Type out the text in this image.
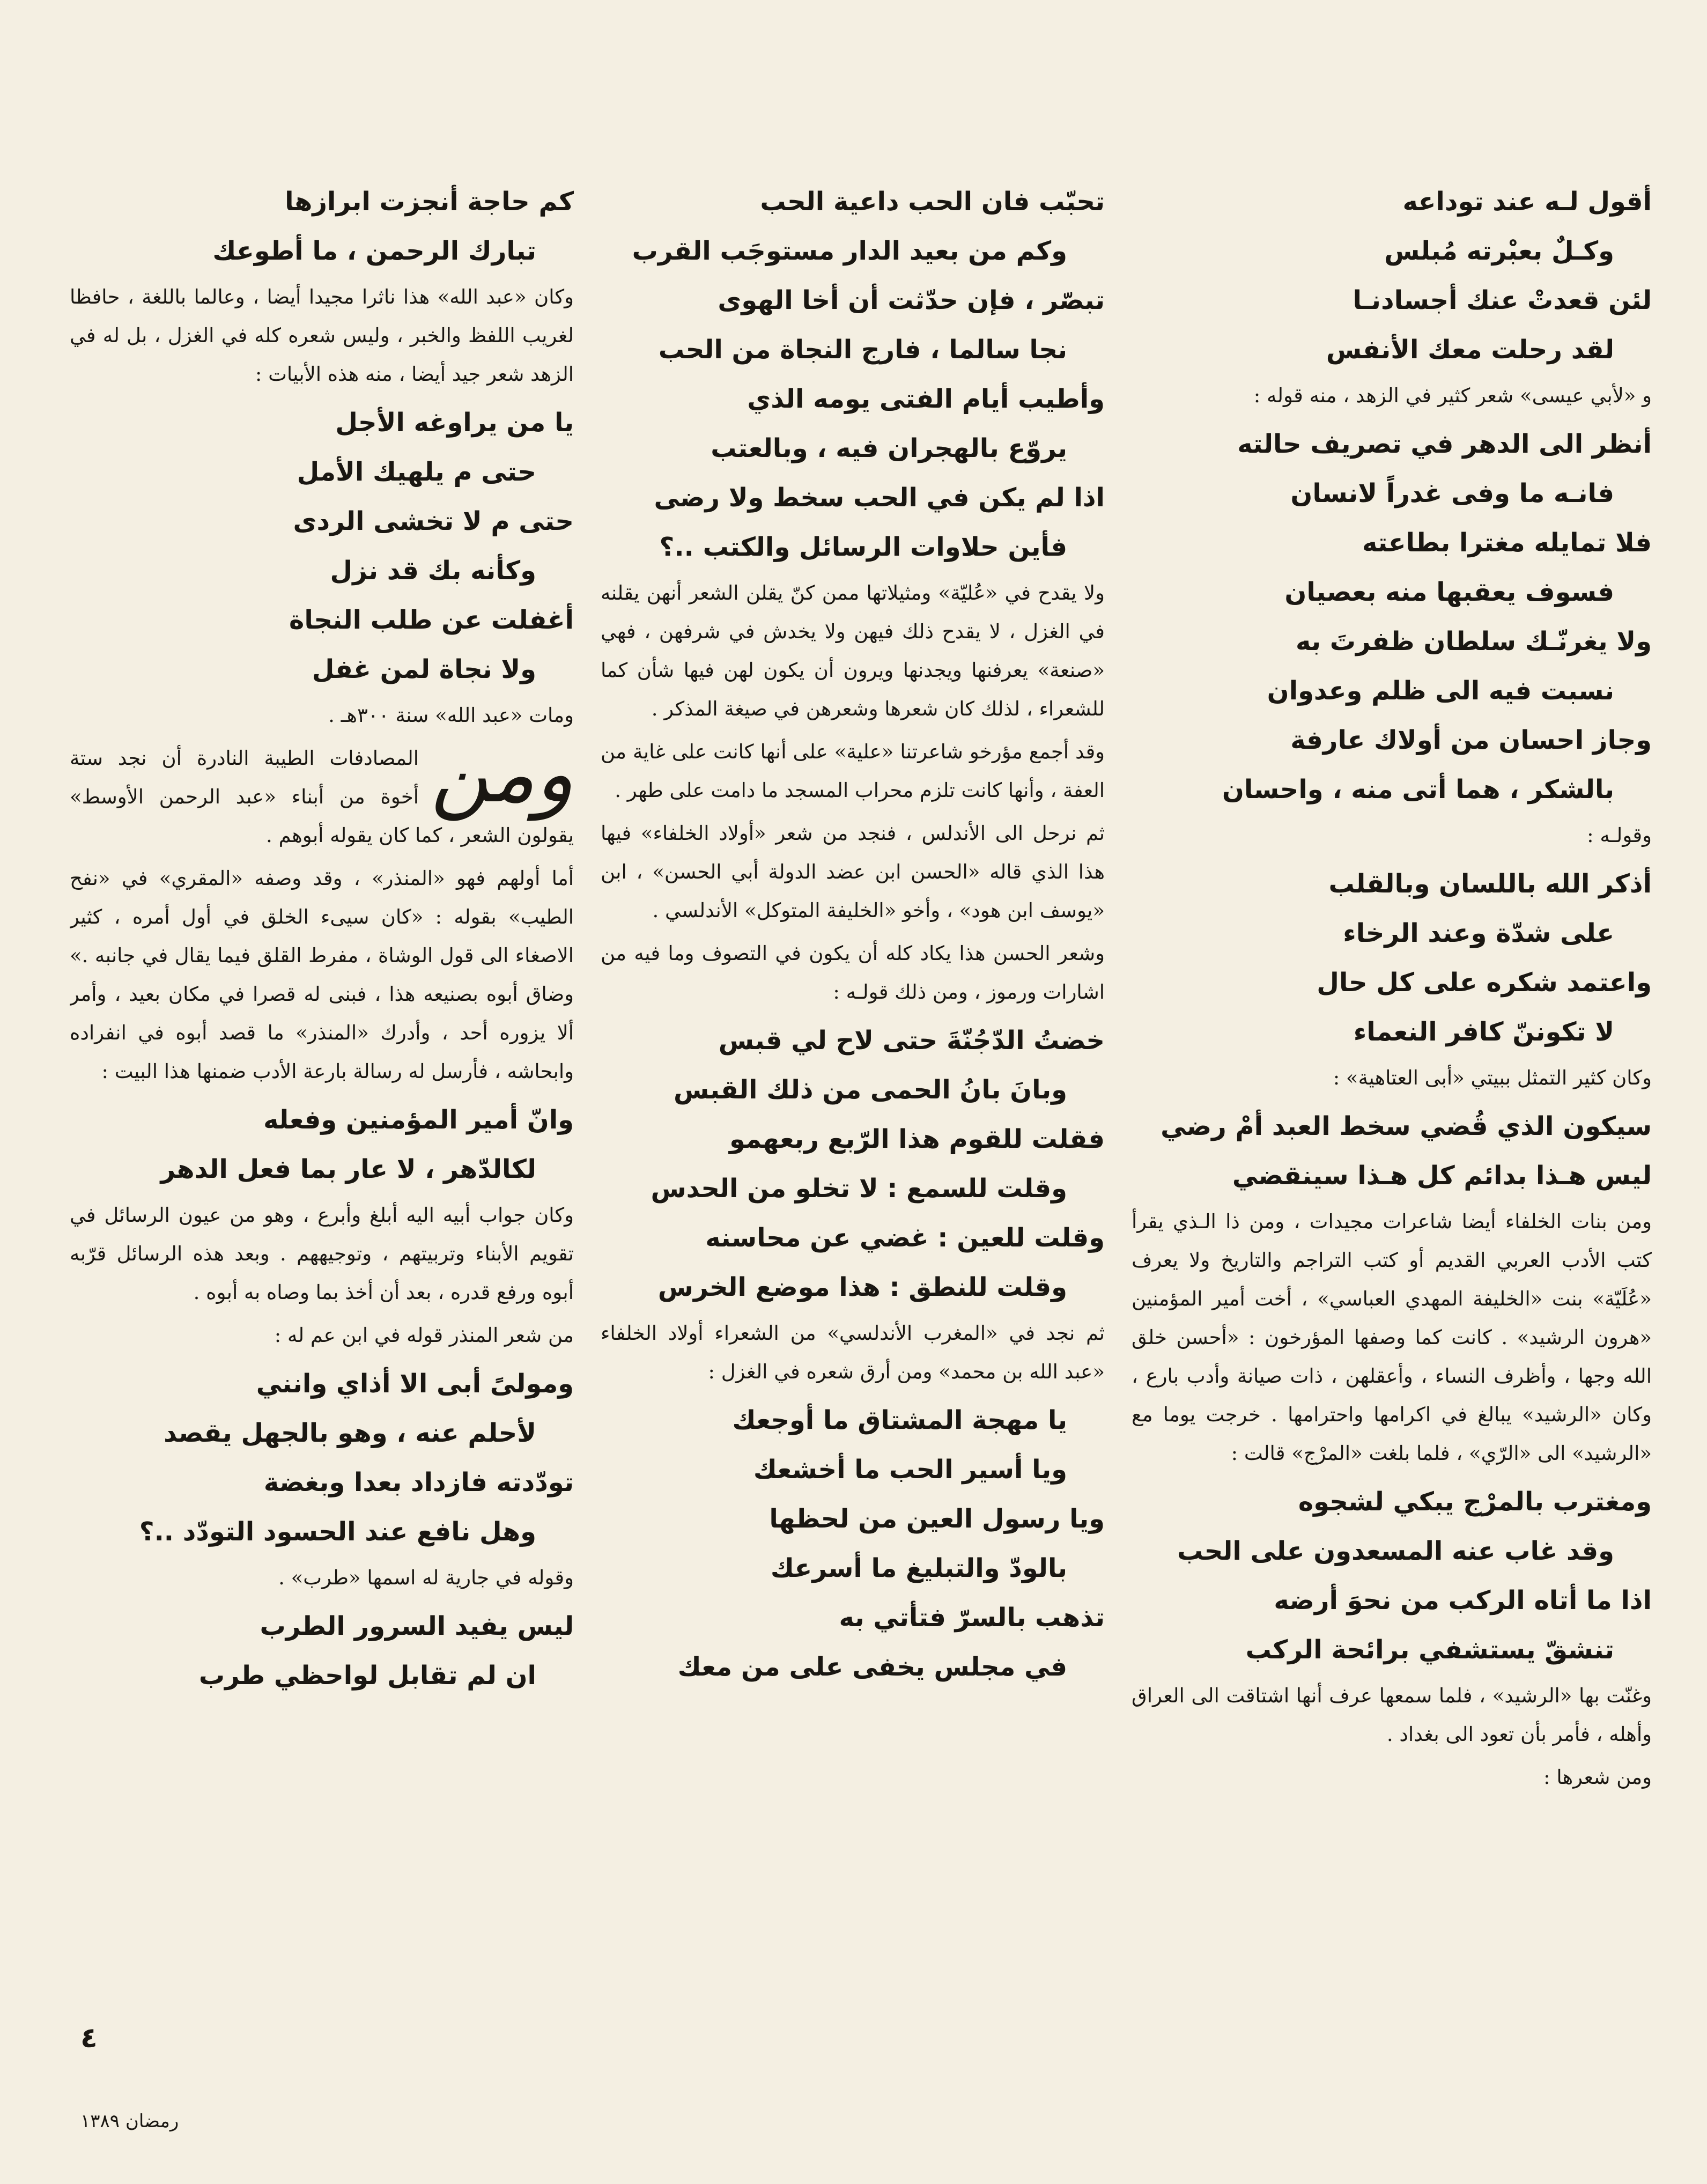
أقول لـه عند توداعه
وكـلٌ بعبْرته مُبلس
لئن قعدتْ عنك أجسادنـا
لقد رحلت معك الأنفس

و «لأبي عيسى» شعر كثير في الزهد ، منه قوله :

أنظر الى الدهر في تصريف حالته
فانـه ما وفى غدراً لانسان
فلا تمايله مغترا بطاعته
فسوف يعقبها منه بعصيان
ولا يغرنّـك سلطان ظفرتَ به
نسبت فيه الى ظلم وعدوان
وجاز احسان من أولاك عارفة
بالشكر ، هما أتى منه ، واحسان

وقولـه :

أذكر الله باللسان وبالقلب
على شدّة وعند الرخاء
واعتمد شكره على كل حال
لا تكوننّ كافر النعماء

وكان كثير التمثل ببيتي «أبى العتاهية» :

سيكون الذي قُضي سخط العبد أمْ رضي
ليس هـذا بدائم كل هـذا سينقضي

ومن بنات الخلفاء أيضا شاعرات مجيدات ، ومن ذا الـذي يقرأ كتب الأدب العربي القديم أو كتب التراجم والتاريخ ولا يعرف «عُلَيّة» بنت «الخليفة المهدي العباسي» ، أخت أمير المؤمنين «هرون الرشيد» . كانت كما وصفها المؤرخون : «أحسن خلق الله وجها ، وأظرف النساء ، وأعقلهن ، ذات صيانة وأدب بارع ، وكان «الرشيد» يبالغ في اكرامها واحترامها . خرجت يوما مع «الرشيد» الى «الرّي» ، فلما بلغت «المرْج» قالت :

ومغترب بالمرْج يبكي لشجوه
وقد غاب عنه المسعدون على الحب
اذا ما أتاه الركب من نحوَ أرضه
تنشقّ يستشفي برائحة الركب

وغنّت بها «الرشيد» ، فلما سمعها عرف أنها اشتاقت الى العراق وأهله ، فأمر بأن تعود الى بغداد .

ومن شعرها :

تحبّب فان الحب داعية الحب
وكم من بعيد الدار مستوجَب القرب
تبصّر ، فإن حدّثت أن أخا الهوى
نجا سالما ، فارج النجاة من الحب
وأطيب أيام الفتى يومه الذي
يروّع بالهجران فيه ، وبالعتب
اذا لم يكن في الحب سخط ولا رضى
فأين حلاوات الرسائل والكتب ..؟

ولا يقدح في «عُليّة» ومثيلاتها ممن كنّ يقلن الشعر أنهن يقلنه في الغزل ، لا يقدح ذلك فيهن ولا يخدش في شرفهن ، فهي «صنعة» يعرفنها ويجدنها ويرون أن يكون لهن فيها شأن كما للشعراء ، لذلك كان شعرها وشعرهن في صيغة المذكر .

وقد أجمع مؤرخو شاعرتنا «علية» على أنها كانت على غاية من العفة ، وأنها كانت تلزم محراب المسجد ما دامت على طهر .

ثم نرحل الى الأندلس ، فنجد من شعر «أولاد الخلفاء» فيها هذا الذي قاله «الحسن ابن عضد الدولة أبي الحسن» ، ابن «يوسف ابن هود» ، وأخو «الخليفة المتوكل» الأندلسي .

وشعر الحسن هذا يكاد كله أن يكون في التصوف وما فيه من اشارات ورموز ، ومن ذلك قولـه :

خضتُ الدّجُنّةَ حتى لاح لي قبس
وبانَ بانُ الحمى من ذلك القبس
فقلت للقوم هذا الرّبع ربعهمو
وقلت للسمع : لا تخلو من الحدس
وقلت للعين : غضي عن محاسنه
وقلت للنطق : هذا موضع الخرس

ثم نجد في «المغرب الأندلسي» من الشعراء أولاد الخلفاء «عبد الله بن محمد» ومن أرق شعره في الغزل :

يا مهجة المشتاق ما أوجعك
ويا أسير الحب ما أخشعك
ويا رسول العين من لحظها
بالودّ والتبليغ ما أسرعك
تذهب بالسرّ فتأتي به
في مجلس يخفى على من معك
كم حاجة أنجزت ابرازها
تبارك الرحمن ، ما أطوعك

وكان «عبد الله» هذا ناثرا مجيدا أيضا ، وعالما باللغة ، حافظا لغريب اللفظ والخبر ، وليس شعره كله في الغزل ، بل له في الزهد شعر جيد أيضا ، منه هذه الأبيات :

يا من يراوغه الأجل
حتى م يلهيك الأمل
حتى م لا تخشى الردى
وكأنه بك قد نزل
أغفلت عن طلب النجاة
ولا نجاة لمن غفل

ومات «عبد الله» سنة ٣٠٠هـ .

ومن
المصادفات الطيبة النادرة أن نجد ستة أخوة من أبناء «عبد الرحمن الأوسط» يقولون الشعر ، كما كان يقوله أبوهم .

أما أولهم فهو «المنذر» ، وقد وصفه «المقري» في «نفح الطيب» بقوله : «كان سيىء الخلق في أول أمره ، كثير الاصغاء الى قول الوشاة ، مفرط القلق فيما يقال في جانبه .» وضاق أبوه بصنيعه هذا ، فبنى له قصرا في مكان بعيد ، وأمر ألا يزوره أحد ، وأدرك «المنذر» ما قصد أبوه في انفراده وابحاشه ، فأرسل له رسالة بارعة الأدب ضمنها هذا البيت :

وانّ أمير المؤمنين وفعله
لكالدّهر ، لا عار بما فعل الدهر

وكان جواب أبيه اليه أبلغ وأبرع ، وهو من عيون الرسائل في تقويم الأبناء وتربيتهم ، وتوجيههم . وبعد هذه الرسائل قرّبه أبوه ورفع قدره ، بعد أن أخذ بما وصاه به أبوه .

من شعر المنذر قوله في ابن عم له :

ومولىً أبى الا أذاي وانني
لأحلم عنه ، وهو بالجهل يقصد
تودّدته فازداد بعدا وبغضة
وهل نافع عند الحسود التودّد ..؟

وقوله في جارية له اسمها «طرب» .

ليس يفيد السرور الطرب
ان لم تقابل لواحظي طرب
٤
رمضان ١٣٨٩
